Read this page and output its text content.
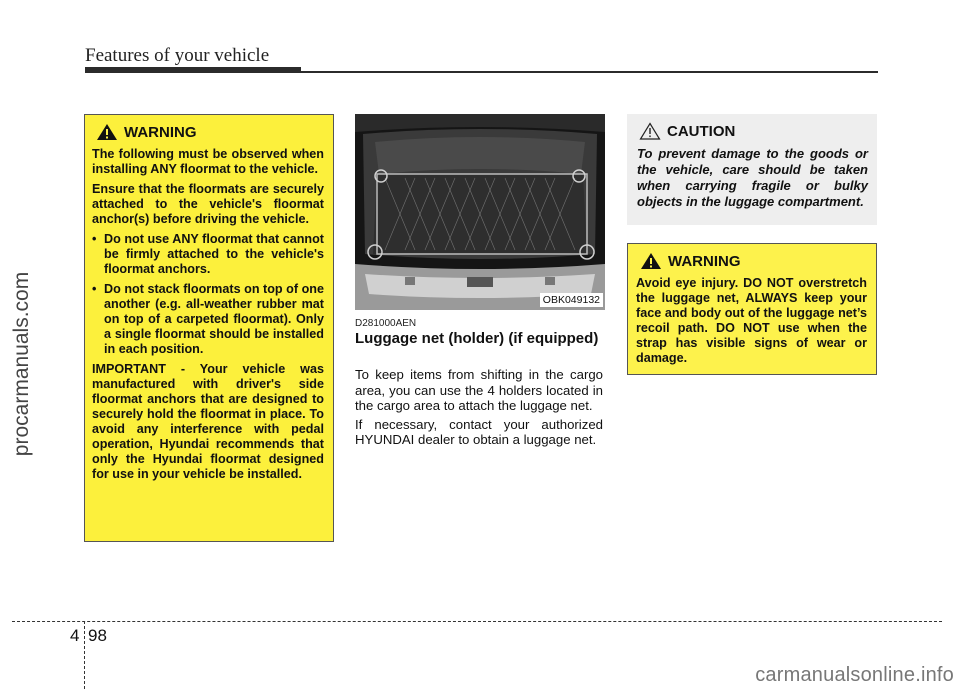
Features of your vehicle
procarmanuals.com
WARNING

The following must be observed when installing ANY floormat to the vehicle.

Ensure that the floormats are securely attached to the vehicle's floormat anchor(s) before driving the vehicle.

• Do not use ANY floormat that cannot be firmly attached to the vehicle's floormat anchors.
• Do not stack floormats on top of one another (e.g. all-weather rubber mat on top of a carpeted floormat). Only a single floormat should be installed in each position.

IMPORTANT - Your vehicle was manufactured with driver's side floormat anchors that are designed to securely hold the floormat in place. To avoid any interference with pedal operation, Hyundai recommends that only the Hyundai floormat designed for use in your vehicle be installed.

OBK049132
D281000AEN
Luggage net (holder) (if equipped)

To keep items from shifting in the cargo area, you can use the 4 holders located in the cargo area to attach the luggage net.

If necessary, contact your authorized HYUNDAI dealer to obtain a luggage net.

CAUTION
To prevent damage to the goods or the vehicle, care should be taken when carrying fragile or bulky objects in the luggage compartment.
WARNING
Avoid eye injury. DO NOT overstretch the luggage net, ALWAYS keep your face and body out of the luggage net’s recoil path. DO NOT use when the strap has visible signs of wear or damage.
4 98
carmanualsonline.info
